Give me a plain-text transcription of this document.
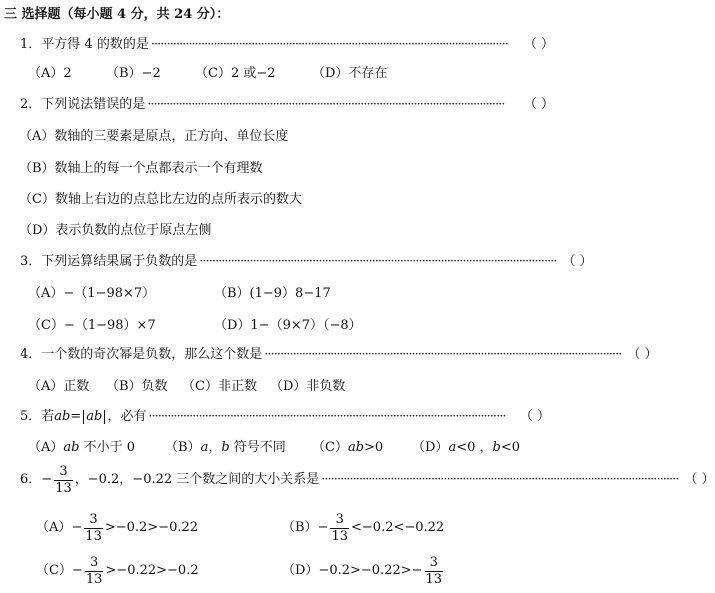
三 选择题（每小题 4 分，共 24 分）：
1． 平方得 4 的数的是 ··················································································································	（ ）
（A）2	（B）−2	（C）2 或−2	（D）不存在
2． 下列说法错误的是 ··················································································································	（ ）
（A）数轴的三要素是原点，正方向、单位长度
（B）数轴上的每一个点都表示一个有理数
（C）数轴上右边的点总比左边的点所表示的数大
（D）表示负数的点位于原点左侧
3． 下列运算结果属于负数的是 ·················································································································· （ ）
（A）−（1−98×7）	（B）(1−9）8−17
（C）−（1−98）×7	（D）1−（9×7）（−8）
4． 一个数的奇次幂是负数，那么这个数是 ·················································································································· （ ）
（A）正数 （B）负数 （C）非正数 （D）非负数
5． 若 ab = ab ，必有 ··················································································································	（ ）
（A）ab 不小于 0 （B）a，b 符号不同 （C）ab>0 （D）a<0 ，b<0
6． − $\frac{3}{13}$ ，−0.2，−0.22 三个数之间的大小关系是 ·················································································································· （ ）
$(A) - \frac{3}{13} >-0.2>-0.22$	$(B) - \frac{3}{13} <-0.2<-0.22$
$(C) - \frac{3}{13} >-0.22>-0.2$	$(D) -0.2>-0.22>- \frac{3}{13}$
